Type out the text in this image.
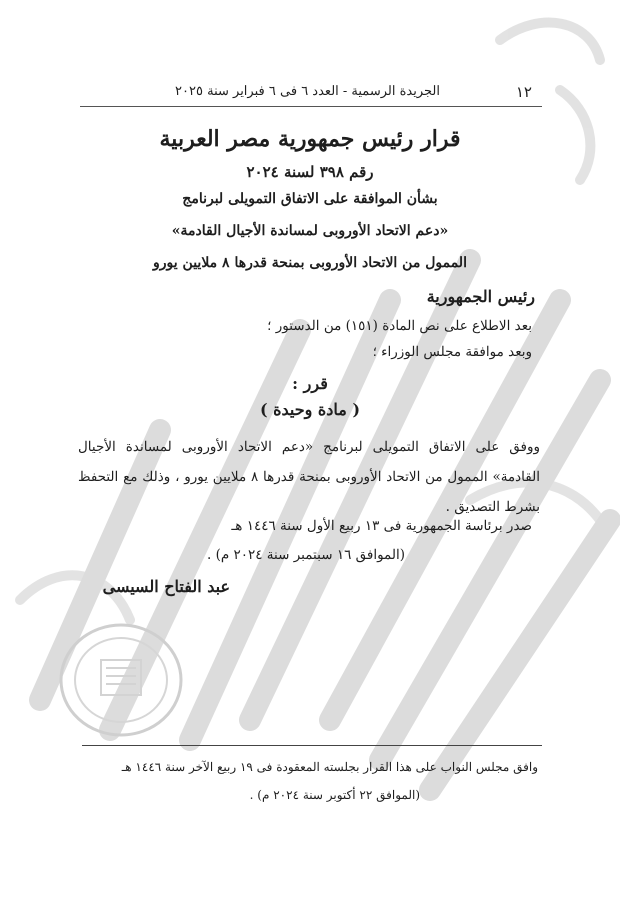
١٢
الجريدة الرسمية - العدد ٦ فى ٦ فبراير سنة ٢٠٢٥
قرار رئيس جمهورية مصر العربية
رقم ٣٩٨ لسنة ٢٠٢٤
بشأن الموافقة على الاتفاق التمويلى لبرنامج
«دعم الاتحاد الأوروبى لمساندة الأجيال القادمة»
الممول من الاتحاد الأوروبى بمنحة قدرها ٨ ملايين يورو
رئيس الجمهورية
بعد الاطلاع على نص المادة (١٥١) من الدستور ؛
وبعد موافقة مجلس الوزراء ؛
قرر :
( مادة وحيدة )
ووفق على الاتفاق التمويلى لبرنامج «دعم الاتحاد الأوروبى لمساندة الأجيال القادمة» الممول من الاتحاد الأوروبى بمنحة قدرها ٨ ملايين يورو ، وذلك مع التحفظ بشرط التصديق .
صدر برئاسة الجمهورية فى ١٣ ربيع الأول سنة ١٤٤٦ هـ
(الموافق ١٦ سبتمبر سنة ٢٠٢٤ م) .
عبد الفتاح السيسى
وافق مجلس النواب على هذا القرار بجلسته المعقودة فى ١٩ ربيع الآخر سنة ١٤٤٦ هـ
(الموافق ٢٢ أكتوبر سنة ٢٠٢٤ م) .
